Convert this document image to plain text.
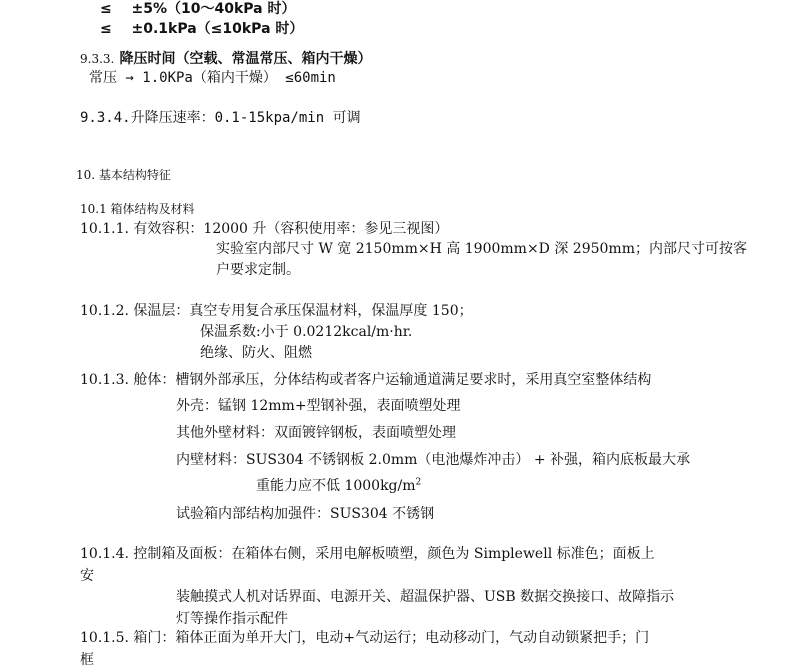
≤ ±5%（10～40kPa 时）
≤ ±0.1kPa（≤10kPa 时）
9.3.3. 降压时间（空载、常温常压、箱内干燥）
常压 → 1.0KPa（箱内干燥） ≤60min
9.3.4.升降压速率：0.1-15kpa/min 可调
10. 基本结构特征
10.1 箱体结构及材料
10.1.1. 有效容积：12000 升（容积使用率：参见三视图）
实验室内部尺寸 W 宽 2150mm×H 高 1900mm×D 深 2950mm；内部尺寸可按客
户要求定制。
10.1.2. 保温层：真空专用复合承压保温材料，保温厚度 150；
保温系数:小于 0.0212kcal/m·hr.
绝缘、防火、阻燃
10.1.3. 舱体：槽钢外部承压，分体结构或者客户运输通道满足要求时，采用真空室整体结构
外壳：锰钢 12mm+型钢补强，表面喷塑处理
其他外壁材料：双面镀锌钢板，表面喷塑处理
内壁材料：SUS304 不锈钢板 2.0mm（电池爆炸冲击） + 补强，箱内底板最大承
重能力应不低 $1000kg/m^2$
试验箱内部结构加强件：SUS304 不锈钢
10.1.4. 控制箱及面板：在箱体右侧，采用电解板喷塑，颜色为 Simplewell 标准色；面板上
安
装触摸式人机对话界面、电源开关、超温保护器、USB 数据交换接口、故障指示
灯等操作指示配件
10.1.5. 箱门：箱体正面为单开大门，电动+气动运行；电动移动门，气动自动锁紧把手；门
框
